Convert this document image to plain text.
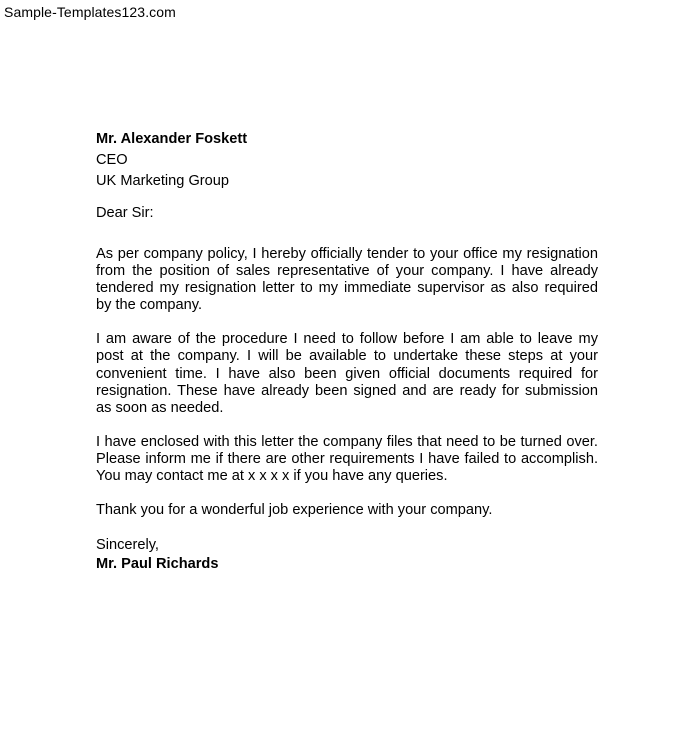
Sample-Templates123.com
Mr. Alexander Foskett
CEO
UK Marketing Group
Dear Sir:

As per company policy, I hereby officially tender to your office my resignation from the position of sales representative of your company. I have already tendered my resignation letter to my immediate supervisor as also required by the company.

I am aware of the procedure I need to follow before I am able to leave my post at the company. I will be available to undertake these steps at your convenient time. I have also been given official documents required for resignation. These have already been signed and are ready for submission as soon as needed.

I have enclosed with this letter the company files that need to be turned over. Please inform me if there are other requirements I have failed to accomplish. You may contact me at x x x x if you have any queries.

Thank you for a wonderful job experience with your company.
Sincerely,
Mr. Paul Richards
